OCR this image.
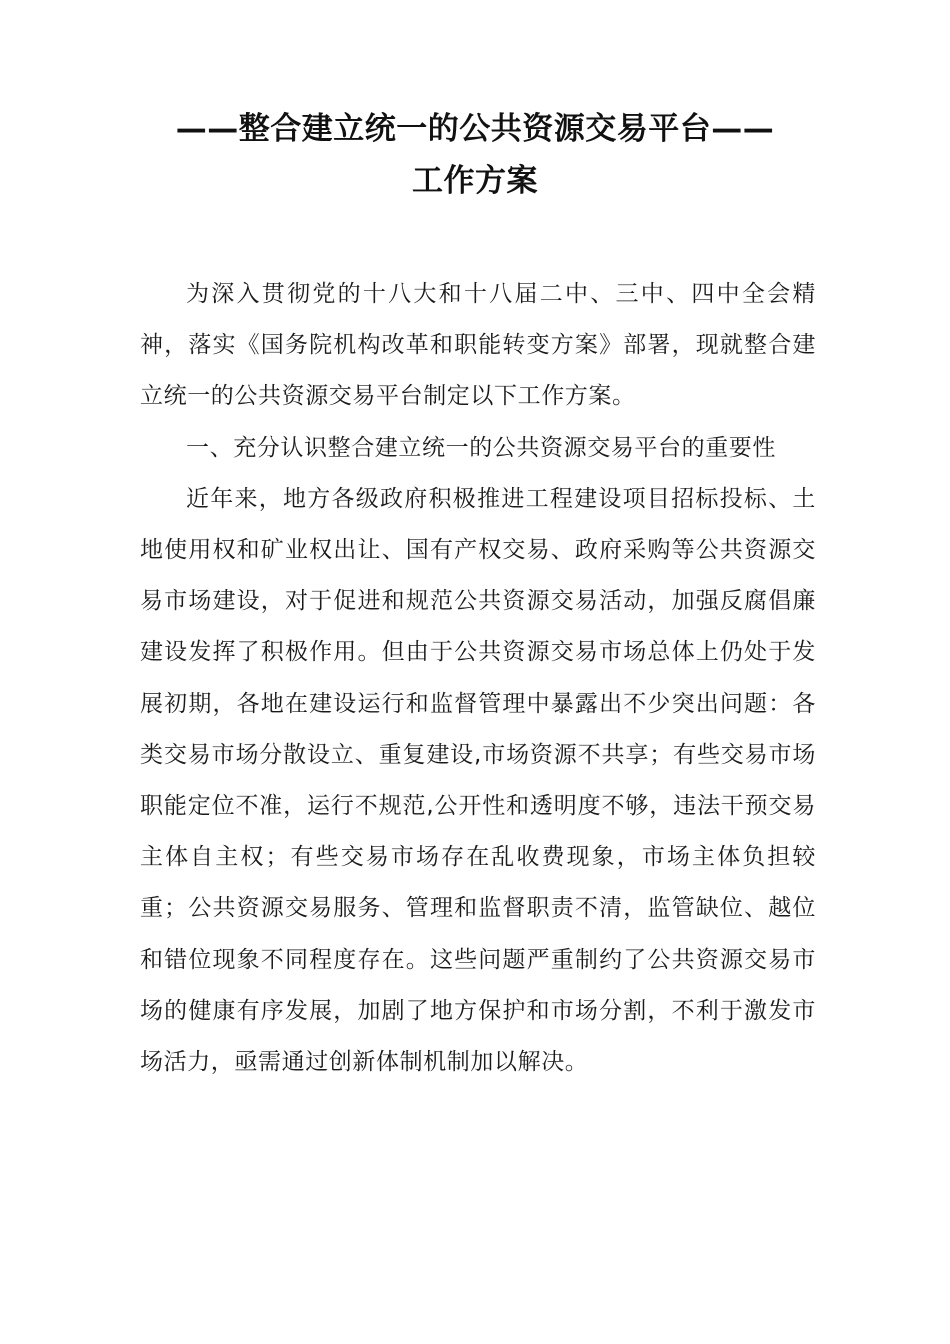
——整合建立统一的公共资源交易平台——
工作方案

为深入贯彻党的十八大和十八届二中、三中、四中全会精神，落实《国务院机构改革和职能转变方案》部署，现就整合建立统一的公共资源交易平台制定以下工作方案。

一、充分认识整合建立统一的公共资源交易平台的重要性

近年来，地方各级政府积极推进工程建设项目招标投标、土地使用权和矿业权出让、国有产权交易、政府采购等公共资源交易市场建设，对于促进和规范公共资源交易活动，加强反腐倡廉建设发挥了积极作用。但由于公共资源交易市场总体上仍处于发展初期，各地在建设运行和监督管理中暴露出不少突出问题：各类交易市场分散设立、重复建设,市场资源不共享；有些交易市场职能定位不准，运行不规范,公开性和透明度不够，违法干预交易主体自主权；有些交易市场存在乱收费现象，市场主体负担较重；公共资源交易服务、管理和监督职责不清，监管缺位、越位和错位现象不同程度存在。这些问题严重制约了公共资源交易市场的健康有序发展，加剧了地方保护和市场分割，不利于激发市场活力，亟需通过创新体制机制加以解决。
